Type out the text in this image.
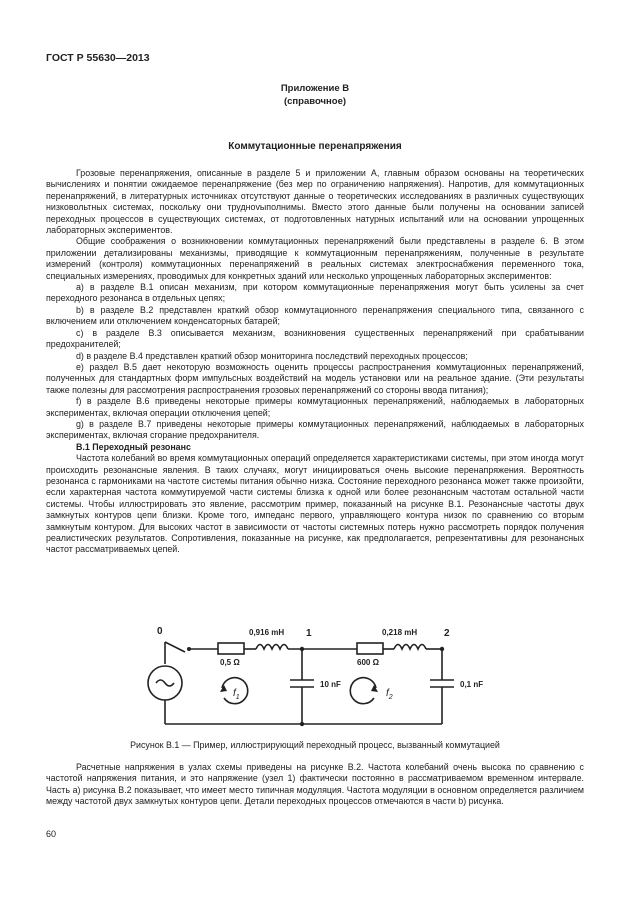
ГОСТ Р 55630—2013
Приложение В
(справочное)
Коммутационные перенапряжения

Грозовые перенапряжения, описанные в разделе 5 и приложении А, главным образом основаны на теоретических вычислениях и понятии ожидаемое перенапряжение (без мер по ограничению напряжения). Напротив, для коммутационных перенапряжений, в литературных источниках отсутствуют данные о теоретических исследованиях в различных существующих низковольтных системах, поскольку они труднovыполнимы. Вместо этого данные были получены на основании записей переходных процессов в существующих системах, от подготовленных натурных испытаний или на основании упрощенных лабораторных экспериментов.

Общие соображения о возникновении коммутационных перенапряжений были представлены в разделе 6. В этом приложении детализированы механизмы, приводящие к коммутационным перенапряжениям, полученные в результате измерений (контроля) коммутационных перенапряжений в реальных системах электроснабжения переменного тока, специальных измерениях, проводимых для конкретных зданий или несколько упрощенных лабораторных экспериментов:

а) в разделе В.1 описан механизм, при котором коммутационные перенапряжения могут быть усилены за счет переходного резонанса в отдельных цепях;

b) в разделе В.2 представлен краткий обзор коммутационного перенапряжения специального типа, связанного с включением или отключением конденсаторных батарей;

c) в разделе В.3 описывается механизм, возникновения существенных перенапряжений при срабатывании предохранителей;

d) в разделе В.4 представлен краткий обзор мониторинга последствий переходных процессов;

e) раздел В.5 дает некоторую возможность оценить процессы распространения коммутационных перенапряжений, полученных для стандартных форм импульсных воздействий на модель установки или на реальное здание. (Эти результаты также полезны для рассмотрения распространения грозовых перенапряжений со стороны ввода питания);

f) в разделе В.6 приведены некоторые примеры коммутационных перенапряжений, наблюдаемых в лабораторных экспериментах, включая операции отключения цепей;

g) в разделе В.7 приведены некоторые примеры коммутационных перенапряжений, наблюдаемых в лабораторных экспериментах, включая сгорание предохранителя.

В.1 Переходный резонанс

Частота колебаний во время коммутационных операций определяется характеристиками системы, при этом иногда могут происходить резонансные явления. В таких случаях, могут инициироваться очень высокие перенапряжения. Вероятность резонанса с гармониками на частоте системы питания обычно низка. Состояние переходного резонанса может также произойти, если характерная частота коммутируемой части системы близка к одной или более резонансным частотам остальной части системы. Чтобы иллюстрировать это явление, рассмотрим пример, показанный на рисунке В.1. Резонансные частоты двух замкнутых контуров цепи близки. Кроме того, импеданс первого, управляющего контура низок по сравнению со вторым замкнутым контуром. Для высоких частот в зависимости от частоты системных потерь нужно рассмотреть порядок получения реалистических результатов. Сопротивления, показанные на рисунке, как предполагается, репрезентативны для резонансных частот рассматриваемых цепей.

0	1	2
0,916 mH
0,5 Ω
0,218 mH
600 Ω
10 nF	0,1 nF
$f_1$	$f_2$
Рисунок В.1 — Пример, иллюстрирующий переходный процесс, вызванный коммутацией

Расчетные напряжения в узлах схемы приведены на рисунке В.2. Частота колебаний очень высока по сравнению с частотой напряжения питания, и это напряжение (узел 1) фактически постоянно в рассматриваемом временном интервале. Часть а) рисунка В.2 показывает, что имеет место типичная модуляция. Частота модуляции в основном определяется различием между частотой двух замкнутых контуров цепи. Детали переходных процессов отмечаются в части b) рисунка.

60
